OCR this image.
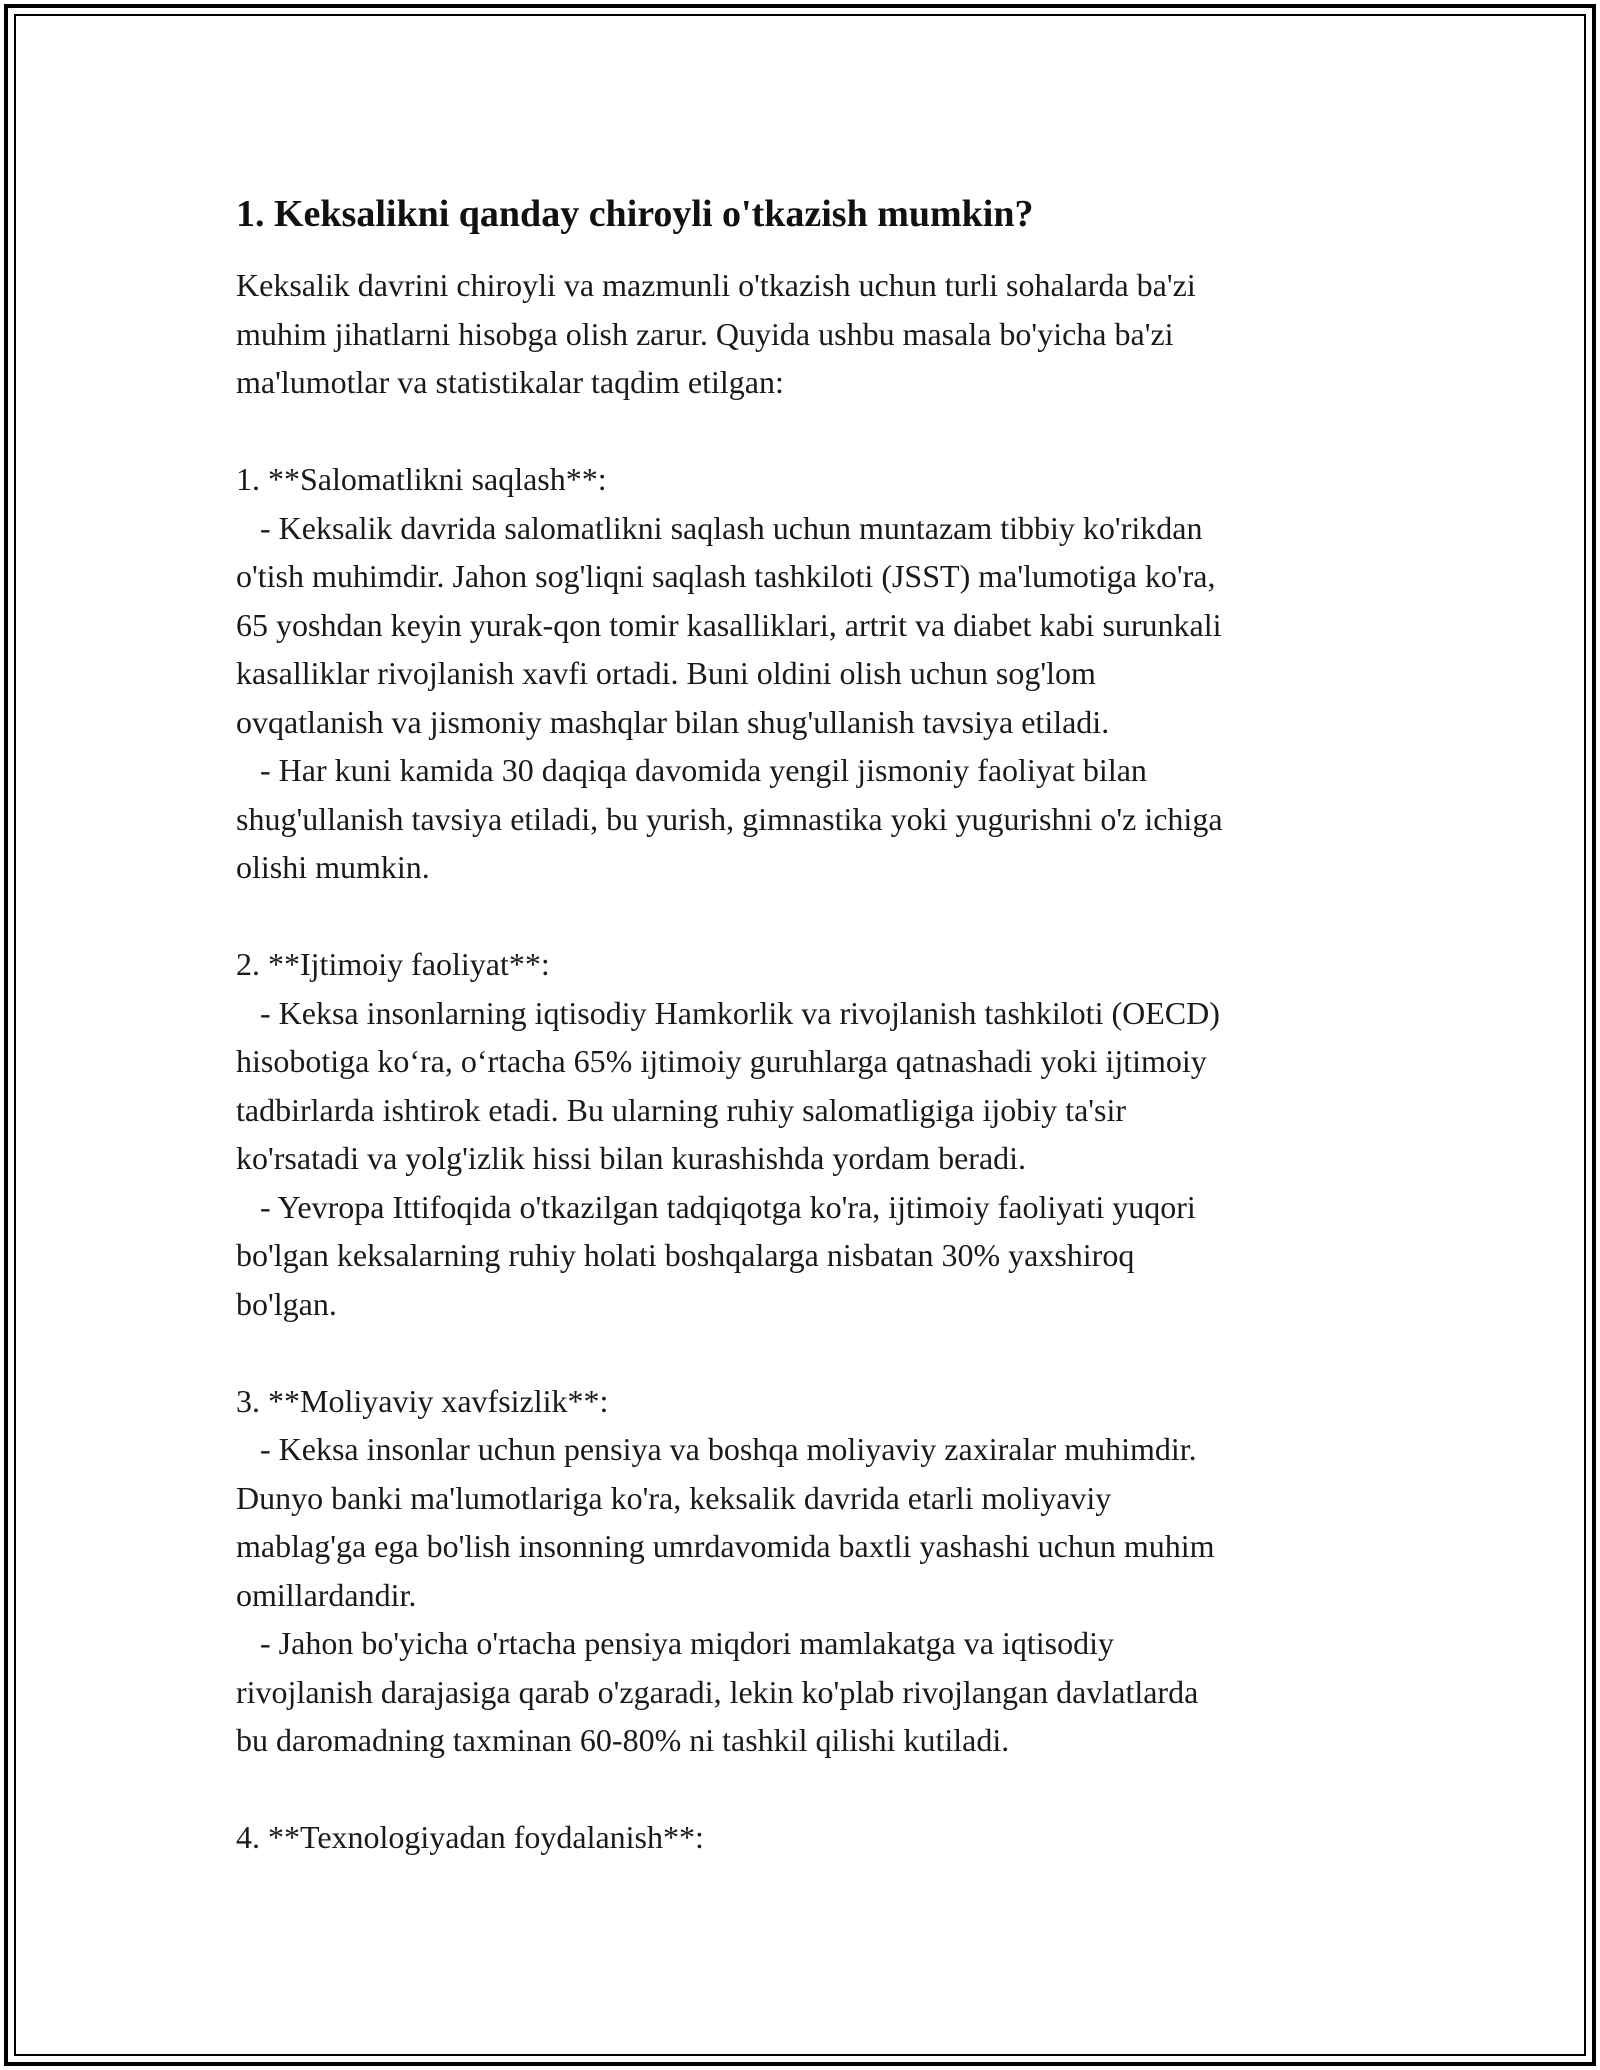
1. Keksalikni qanday chiroyli o'tkazish mumkin?
Keksalik davrini chiroyli va mazmunli o'tkazish uchun turli sohalarda ba'zi
muhim jihatlarni hisobga olish zarur. Quyida ushbu masala bo'yicha ba'zi
ma'lumotlar va statistikalar taqdim etilgan:

1. **Salomatlikni saqlash**:
- Keksalik davrida salomatlikni saqlash uchun muntazam tibbiy ko'rikdan
o'tish muhimdir. Jahon sog'liqni saqlash tashkiloti (JSST) ma'lumotiga ko'ra,
65 yoshdan keyin yurak-qon tomir kasalliklari, artrit va diabet kabi surunkali
kasalliklar rivojlanish xavfi ortadi. Buni oldini olish uchun sog'lom
ovqatlanish va jismoniy mashqlar bilan shug'ullanish tavsiya etiladi.
- Har kuni kamida 30 daqiqa davomida yengil jismoniy faoliyat bilan
shug'ullanish tavsiya etiladi, bu yurish, gimnastika yoki yugurishni o'z ichiga
olishi mumkin.

2. **Ijtimoiy faoliyat**:
- Keksa insonlarning iqtisodiy Hamkorlik va rivojlanish tashkiloti (OECD)
hisobotiga ko‘ra, o‘rtacha 65% ijtimoiy guruhlarga qatnashadi yoki ijtimoiy
tadbirlarda ishtirok etadi. Bu ularning ruhiy salomatligiga ijobiy ta'sir
ko'rsatadi va yolg'izlik hissi bilan kurashishda yordam beradi.
- Yevropa Ittifoqida o'tkazilgan tadqiqotga ko'ra, ijtimoiy faoliyati yuqori
bo'lgan keksalarning ruhiy holati boshqalarga nisbatan 30% yaxshiroq
bo'lgan.

3. **Moliyaviy xavfsizlik**:
- Keksa insonlar uchun pensiya va boshqa moliyaviy zaxiralar muhimdir.
Dunyo banki ma'lumotlariga ko'ra, keksalik davrida etarli moliyaviy
mablag'ga ega bo'lish insonning umrdavomida baxtli yashashi uchun muhim
omillardandir.
- Jahon bo'yicha o'rtacha pensiya miqdori mamlakatga va iqtisodiy
rivojlanish darajasiga qarab o'zgaradi, lekin ko'plab rivojlangan davlatlarda
bu daromadning taxminan 60-80% ni tashkil qilishi kutiladi.

4. **Texnologiyadan foydalanish**:
